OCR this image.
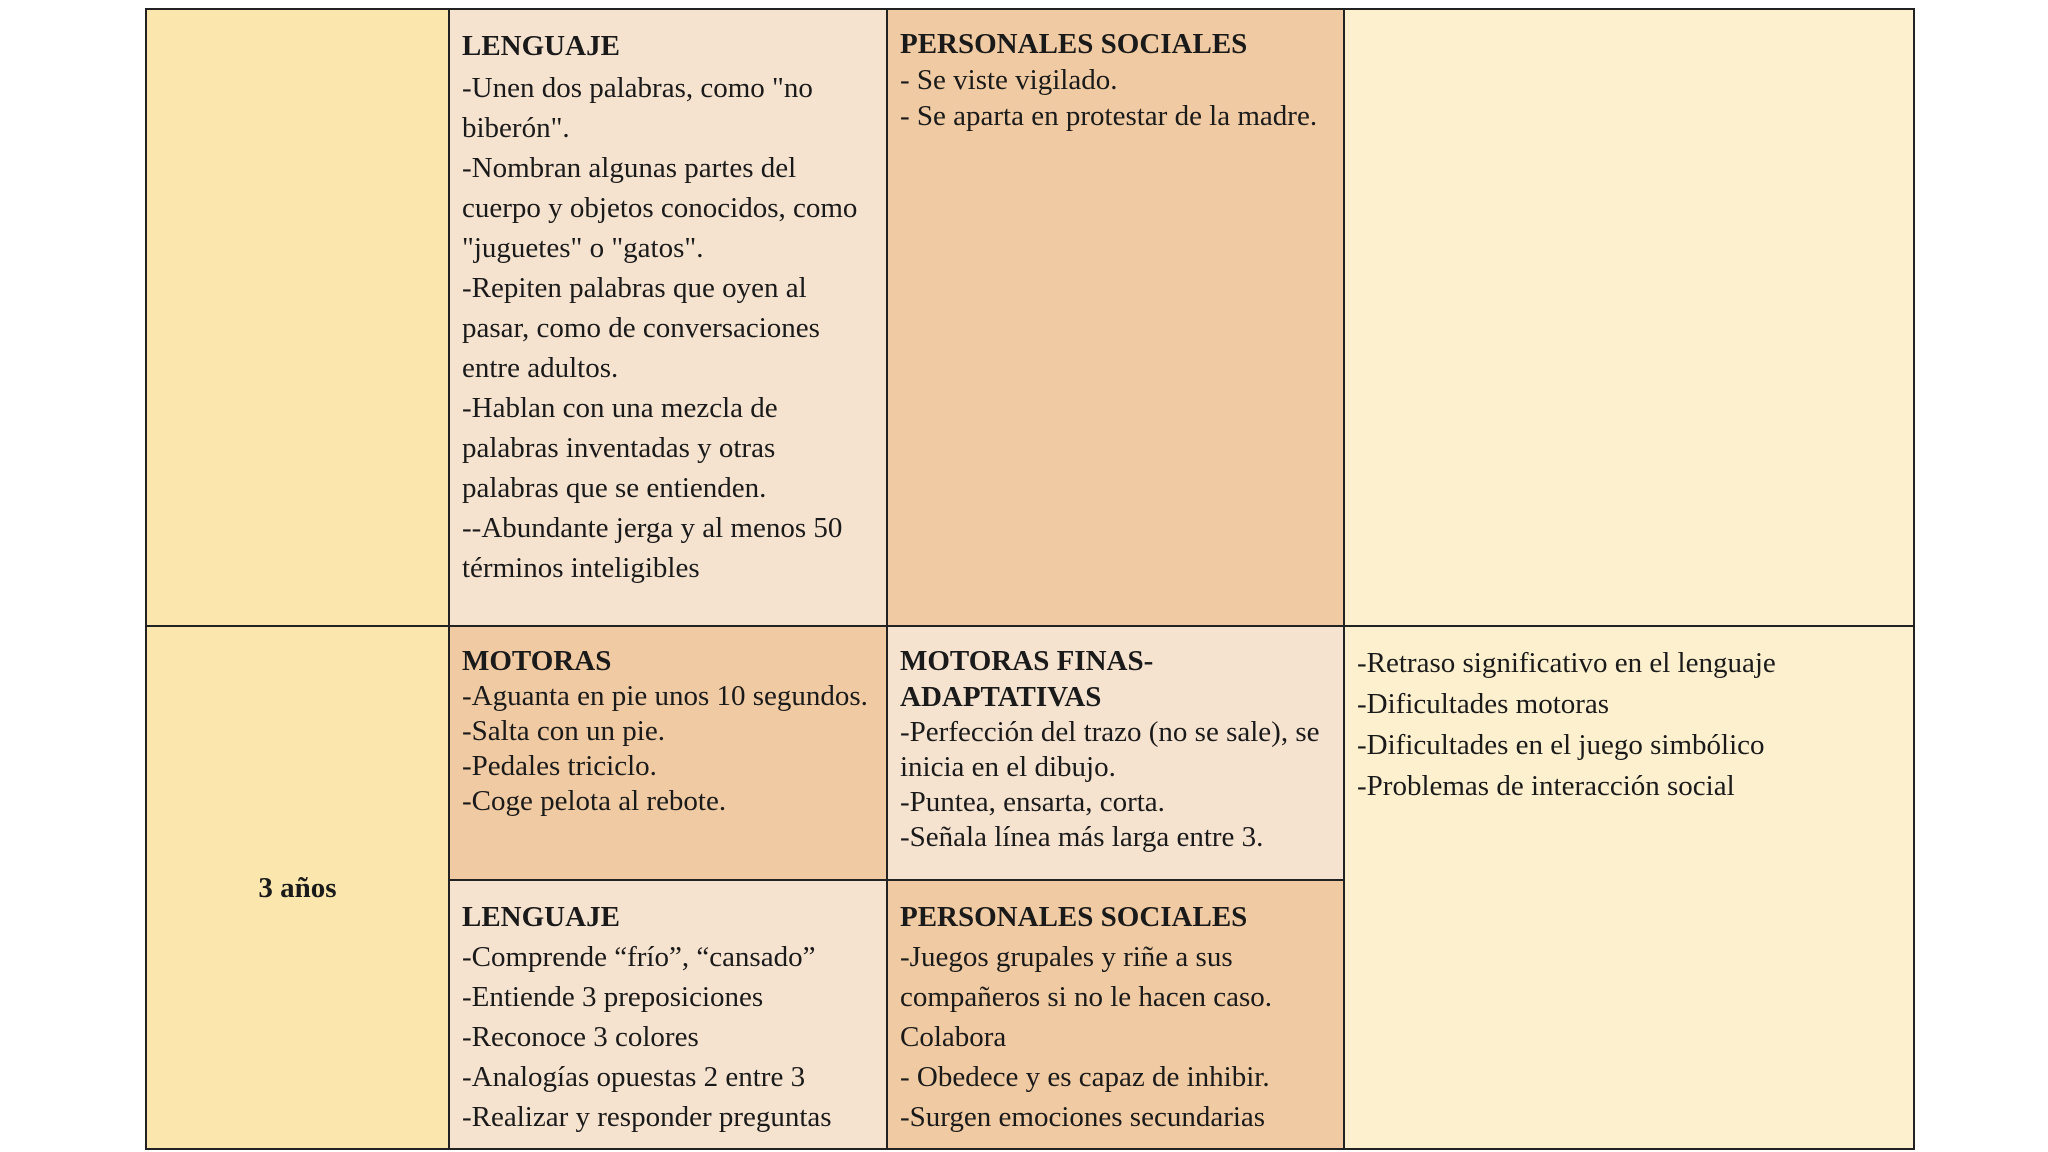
LENGUAJE

-Unen dos palabras, como "no biberón".

-Nombran algunas partes del cuerpo y objetos conocidos, como "juguetes" o "gatos".

-Repiten palabras que oyen al pasar, como de conversaciones entre adultos.

-Hablan con una mezcla de palabras inventadas y otras palabras que se entienden.

--Abundante jerga y al menos 50 términos inteligibles

PERSONALES SOCIALES

- Se viste vigilado.

- Se aparta en protestar de la madre.

3 años

MOTORAS

-Aguanta en pie unos 10 segundos.

-Salta con un pie.

-Pedales triciclo.

-Coge pelota al rebote.

MOTORAS FINAS-ADAPTATIVAS

-Perfección del trazo (no se sale), se inicia en el dibujo.

-Puntea, ensarta, corta.

-Señala línea más larga entre 3.

-Retraso significativo en el lenguaje

-Dificultades motoras

-Dificultades en el juego simbólico

-Problemas de interacción social

LENGUAJE

-Comprende “frío”, “cansado”

-Entiende 3 preposiciones

-Reconoce 3 colores

-Analogías opuestas 2 entre 3

-Realizar y responder preguntas

PERSONALES SOCIALES

-Juegos grupales y riñe a sus compañeros si no le hacen caso. Colabora

- Obedece y es capaz de inhibir.

-Surgen emociones secundarias
